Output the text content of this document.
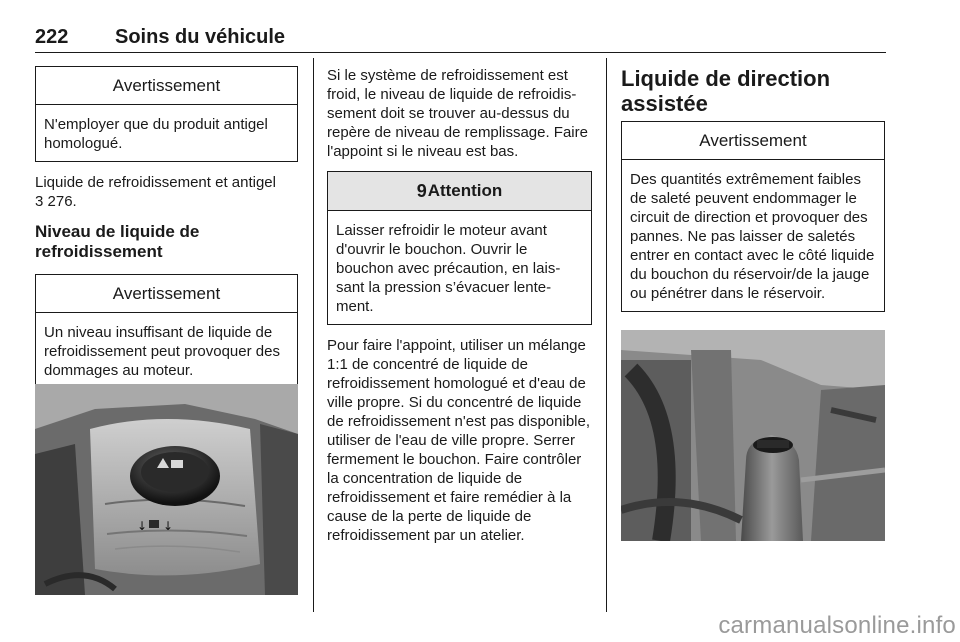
222 Soins du véhicule
Avertissement
N'employer que du produit antigel homologué.

Liquide de refroidissement et antigel
3 276.

Niveau de liquide de refroidissement
Avertissement
Un niveau insuffisant de liquide de refroidissement peut provoquer des dommages au moteur.
↓ ↓

Si le système de refroidissement est froid, le niveau de liquide de refroidissement doit se trouver au-dessus du repère de niveau de remplissage. Faire l'appoint si le niveau est bas.

9Attention
Laisser refroidir le moteur avant d'ouvrir le bouchon. Ouvrir le bouchon avec précaution, en laissant la pression s’évacuer lentement.

Pour faire l'appoint, utiliser un mélange 1:1 de concentré de liquide de refroidissement homologué et d'eau de ville propre. Si du concentré de liquide de refroidissement n'est pas disponible, utiliser de l'eau de ville propre. Serrer fermement le bouchon. Faire contrôler la concentration de liquide de refroidissement et faire remédier à la cause de la perte de liquide de refroidissement par un atelier.

Liquide de direction assistée
Avertissement
Des quantités extrêmement faibles de saleté peuvent endommager le circuit de direction et provoquer des pannes. Ne pas laisser de saletés entrer en contact avec le côté liquide du bouchon du réservoir/de la jauge ou pénétrer dans le réservoir.
carmanualsonline.info
